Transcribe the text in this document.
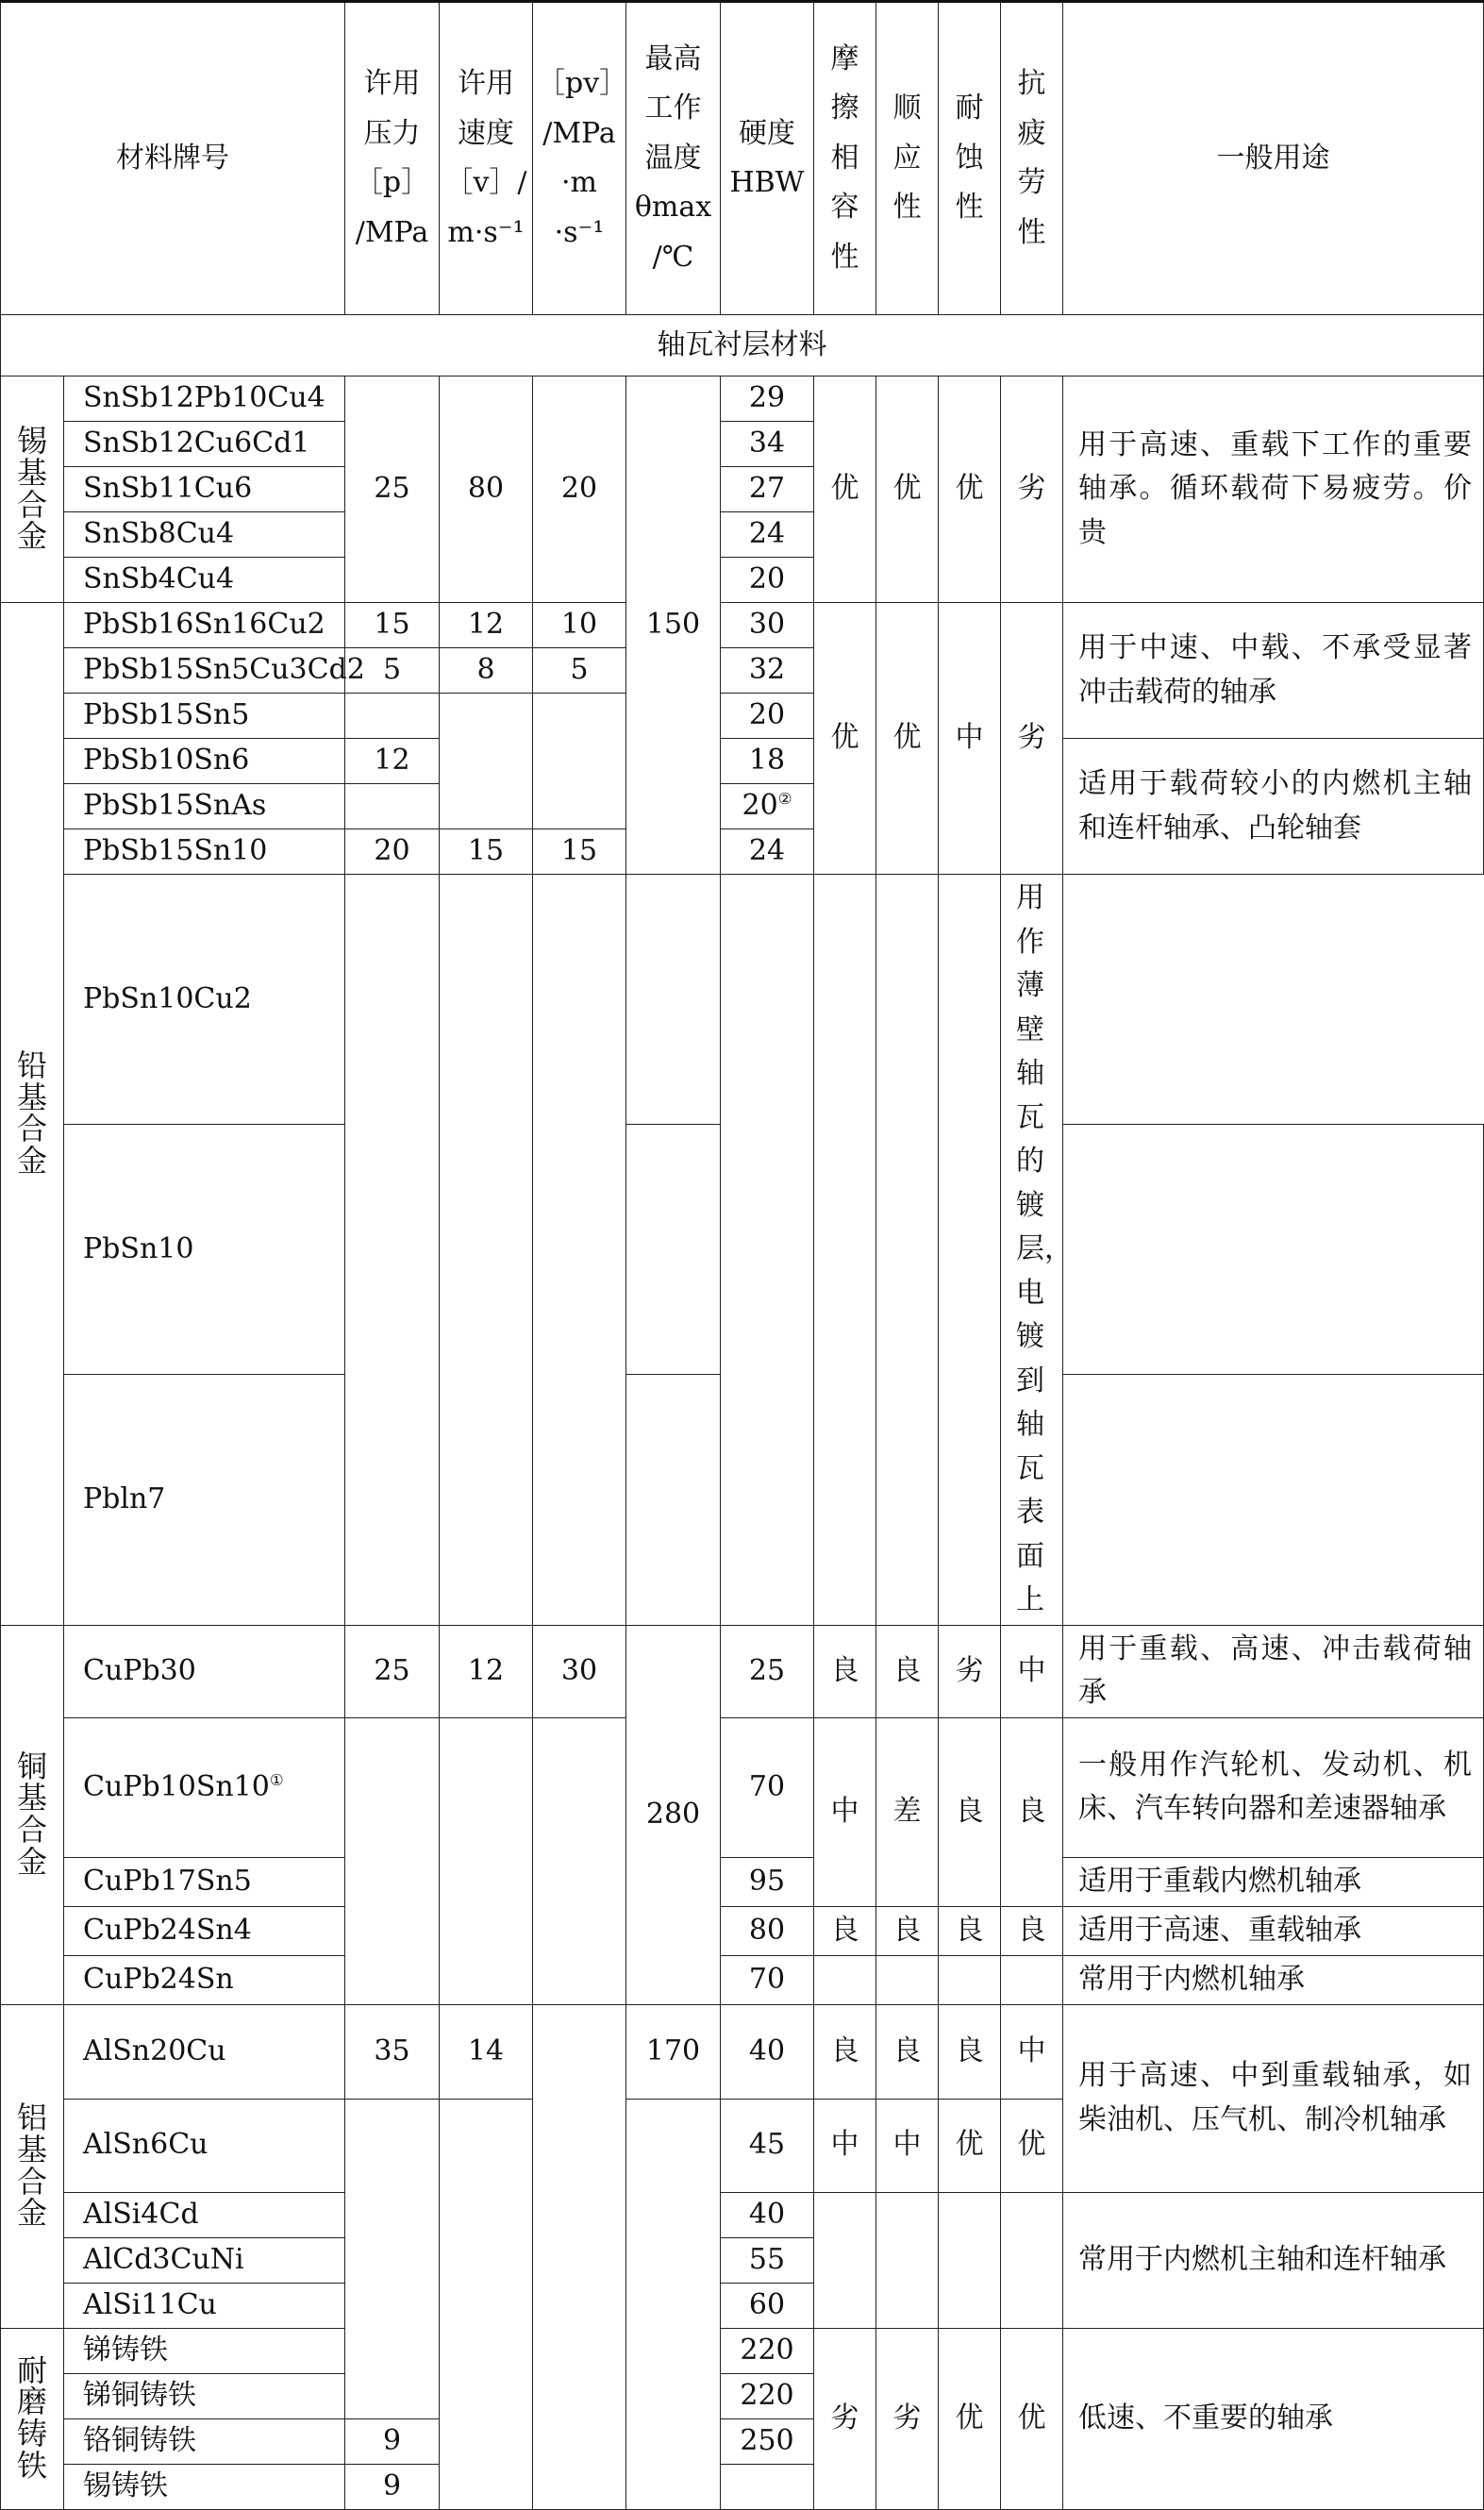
材料牌号		许用 压力 ［p］ /MPa	许用 速度 ［v］/ m·s⁻¹	［pv］ /MPa ·m ·s⁻¹	最高 工作 温度 θmax /℃	硬度 HBW	摩擦 相容 性	顺 应 性	耐 蚀 性	抗疲 劳性	一般用途
轴瓦衬层材料											
锡 基 合 金	SnSb12Pb10Cu4	25	80	20	150	29	优	优	优	劣	用于高速、重载下工作的重要轴承。循环载荷下易疲劳。价贵
	SnSb12Cu6Cd1					34					
	SnSb11Cu6					27					
	SnSb8Cu4					24					
	SnSb4Cu4					20					
铅 基 合 金	PbSb16Sn16Cu2	15	12	10		30	优	优	中	劣	用于中速、中载、不承受显著冲击载荷的轴承
	PbSb15Sn5Cu3Cd2	5	8	5		32					
	PbSb15Sn5					20					
	PbSb10Sn6	12				18					适用于载荷较小的内燃机主轴和连杆轴承、凸轮轴套
	PbSb15SnAs					20②
	PbSb15Sn10	20	15	15		24					
	PbSn10Cu2									用作薄壁轴瓦的镀层，电镀到轴瓦表面上	
	PbSn10										
	Pbln7										
铜 基 合 金	CuPb30	25	12	30	280	25	良	良	劣	中	用于重载、高速、冲击载荷轴承
	CuPb10Sn10①					70	中	差	良	良	一般用作汽轮机、发动机、机床、汽车转向器和差速器轴承
	CuPb17Sn5					95					适用于重载内燃机轴承
	CuPb24Sn4					80	良	良	良	良	适用于高速、重载轴承
	CuPb24Sn					70					常用于内燃机轴承
铝 基 合 金	AlSn20Cu	35	14		170	40	良	良	良	中	用于高速、中到重载轴承，如柴油机、压气机、制冷机轴承
	AlSn6Cu					45	中	中	优	优	
	AlSi4Cd					40					常用于内燃机主轴和连杆轴承
	AlCd3CuNi					55					
	AlSi11Cu					60					
耐 磨 铸 铁	锑铸铁					220	劣	劣	优	优	低速、不重要的轴承
	锑铜铸铁					220					
	铬铜铸铁	9				250					
	锡铸铁	9									
